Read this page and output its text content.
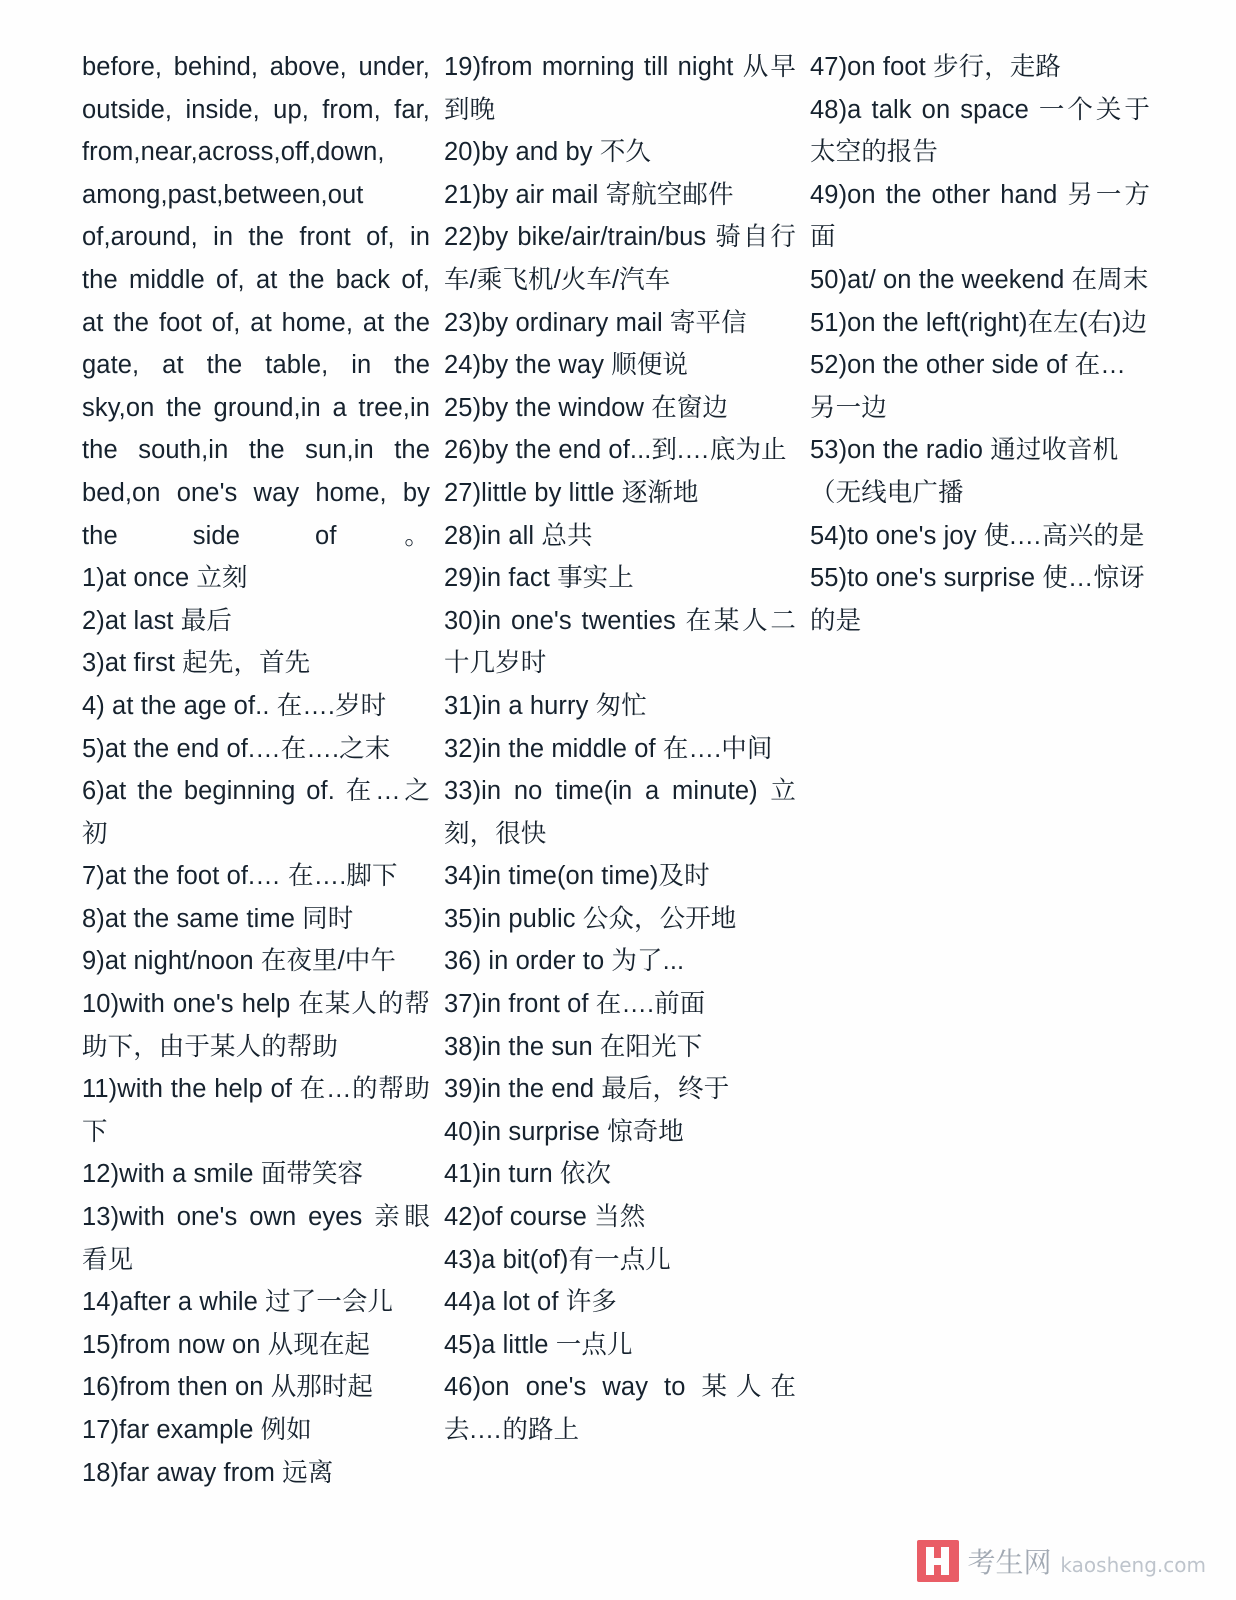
before, behind, above, under, outside, inside, up, from, far, from,near,across,off,down, among,past,between,out of,around, in the front of, in the middle of, at the back of, at the foot of, at home, at the gate, at the table, in the sky,on the ground,in a tree,in the south,in the sun,in the bed,on one's way home, by the side of。

1)at once 立刻

2)at last 最后

3)at first 起先，首先

4) at the age of.. 在….岁时

5)at the end of.…在….之末

6)at the beginning of. 在…之初

7)at the foot of.… 在….脚下

8)at the same time 同时

9)at night/noon 在夜里/中午

10)with one's help 在某人的帮助下，由于某人的帮助

11)with the help of 在…的帮助下

12)with a smile 面带笑容

13)with one's own eyes 亲眼看见

14)after a while 过了一会儿

15)from now on 从现在起

16)from then on 从那时起

17)far example 例如

18)far away from 远离

19)from morning till night 从早到晚

20)by and by 不久

21)by air mail 寄航空邮件

22)by bike/air/train/bus 骑自行车/乘飞机/火车/汽车

23)by ordinary mail 寄平信

24)by the way 顺便说

25)by the window 在窗边

26)by the end of...到.…底为止

27)little by little 逐渐地

28)in all 总共

29)in fact 事实上

30)in one's twenties 在某人二十几岁时

31)in a hurry 匆忙

32)in the middle of 在….中间

33)in no time(in a minute) 立刻，很快

34)in time(on time)及时

35)in public 公众，公开地

36) in order to 为了...

37)in front of 在….前面

38)in the sun 在阳光下

39)in the end 最后，终于

40)in surprise 惊奇地

41)in turn 依次

42)of course 当然

43)a bit(of)有一点儿

44)a lot of 许多

45)a little 一点儿

46)on one's way to 某人在去.…的路上

47)on foot 步行，走路

48)a talk on space 一个关于太空的报告

49)on the other hand 另一方面

50)at/ on the weekend 在周末

51)on the left(right)在左(右)边

52)on the other side of 在…另一边

53)on the radio 通过收音机（无线电广播

54)to one's joy 使.…高兴的是

55)to one's surprise 使…惊讶的是

考生网 kaosheng.com
